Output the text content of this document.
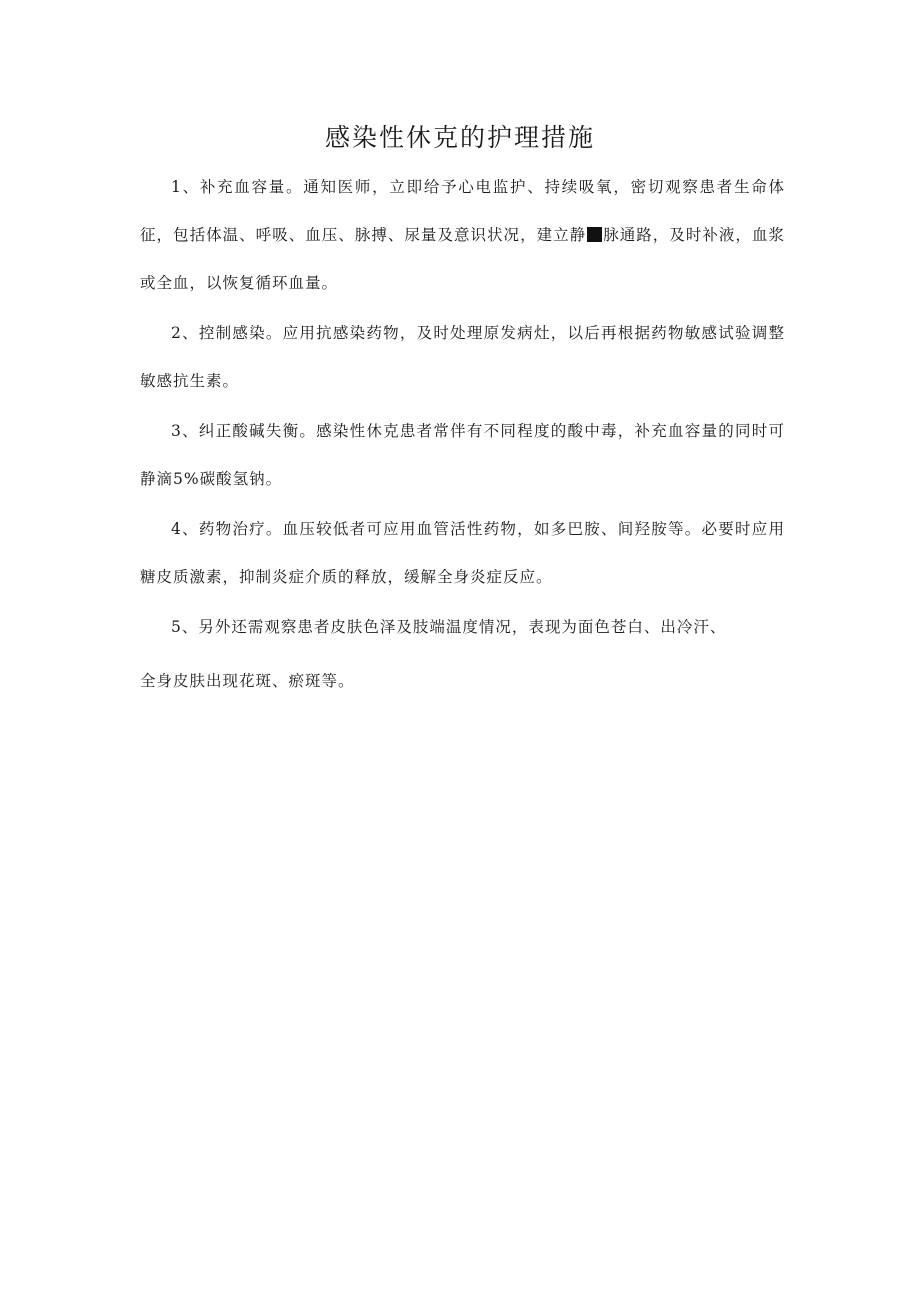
感染性休克的护理措施

1、补充血容量。通知医师，立即给予心电监护、持续吸氧，密切观察患者生命体征，包括体温、呼吸、血压、脉搏、尿量及意识状况，建立静 脉通路，及时补液，血浆或全血，以恢复循环血量。

2、控制感染。应用抗感染药物，及时处理原发病灶，以后再根据药物敏感试验调整敏感抗生素。

3、纠正酸碱失衡。感染性休克患者常伴有不同程度的酸中毒，补充血容量的同时可静滴5%碳酸氢钠。

4、药物治疗。血压较低者可应用血管活性药物，如多巴胺、间羟胺等。必要时应用糖皮质激素，抑制炎症介质的释放，缓解全身炎症反应。

5、另外还需观察患者皮肤色泽及肢端温度情况，表现为面色苍白、出冷汗、
全身皮肤出现花斑、瘀斑等。
